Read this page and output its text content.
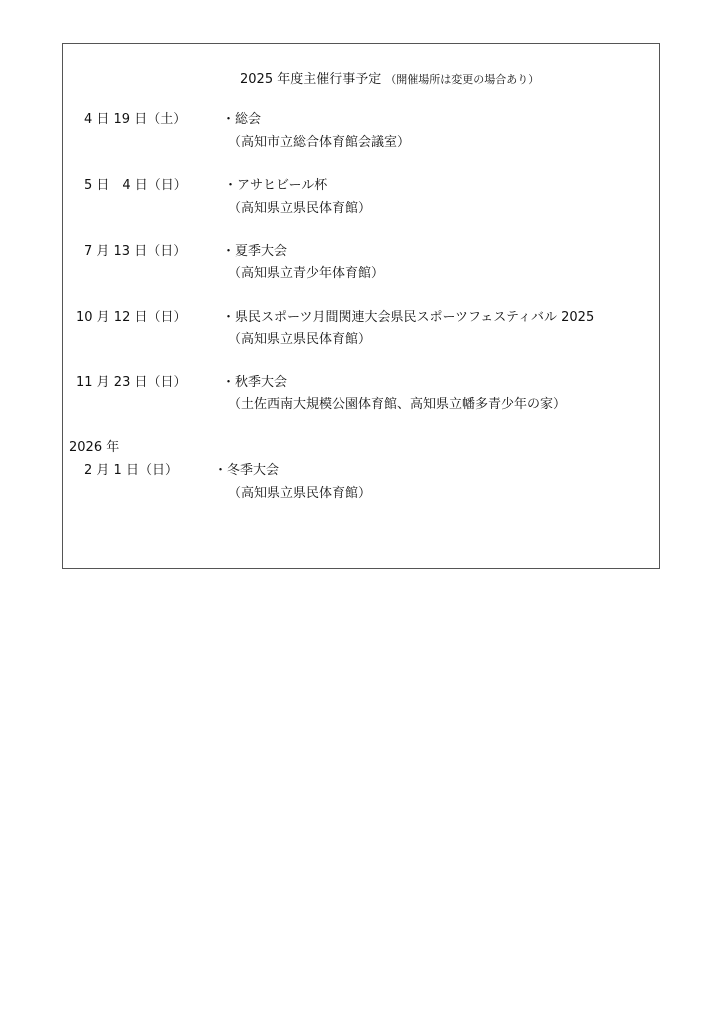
2025 年度主催行事予定 （開催場所は変更の場合あり）
4 日 19 日（土）	・総会
（高知市立総合体育館会議室）
5 日　4 日（日）	・アサヒビール杯
（高知県立県民体育館）
7 月 13 日（日）	・夏季大会
（高知県立青少年体育館）
10 月 12 日（日）	・県民スポーツ月間関連大会県民スポーツフェスティバル 2025
（高知県立県民体育館）
11 月 23 日（日）	・秋季大会
（土佐西南大規模公園体育館、高知県立幡多青少年の家）
2026 年
2 月 1 日（日）	・冬季大会
（高知県立県民体育館）
